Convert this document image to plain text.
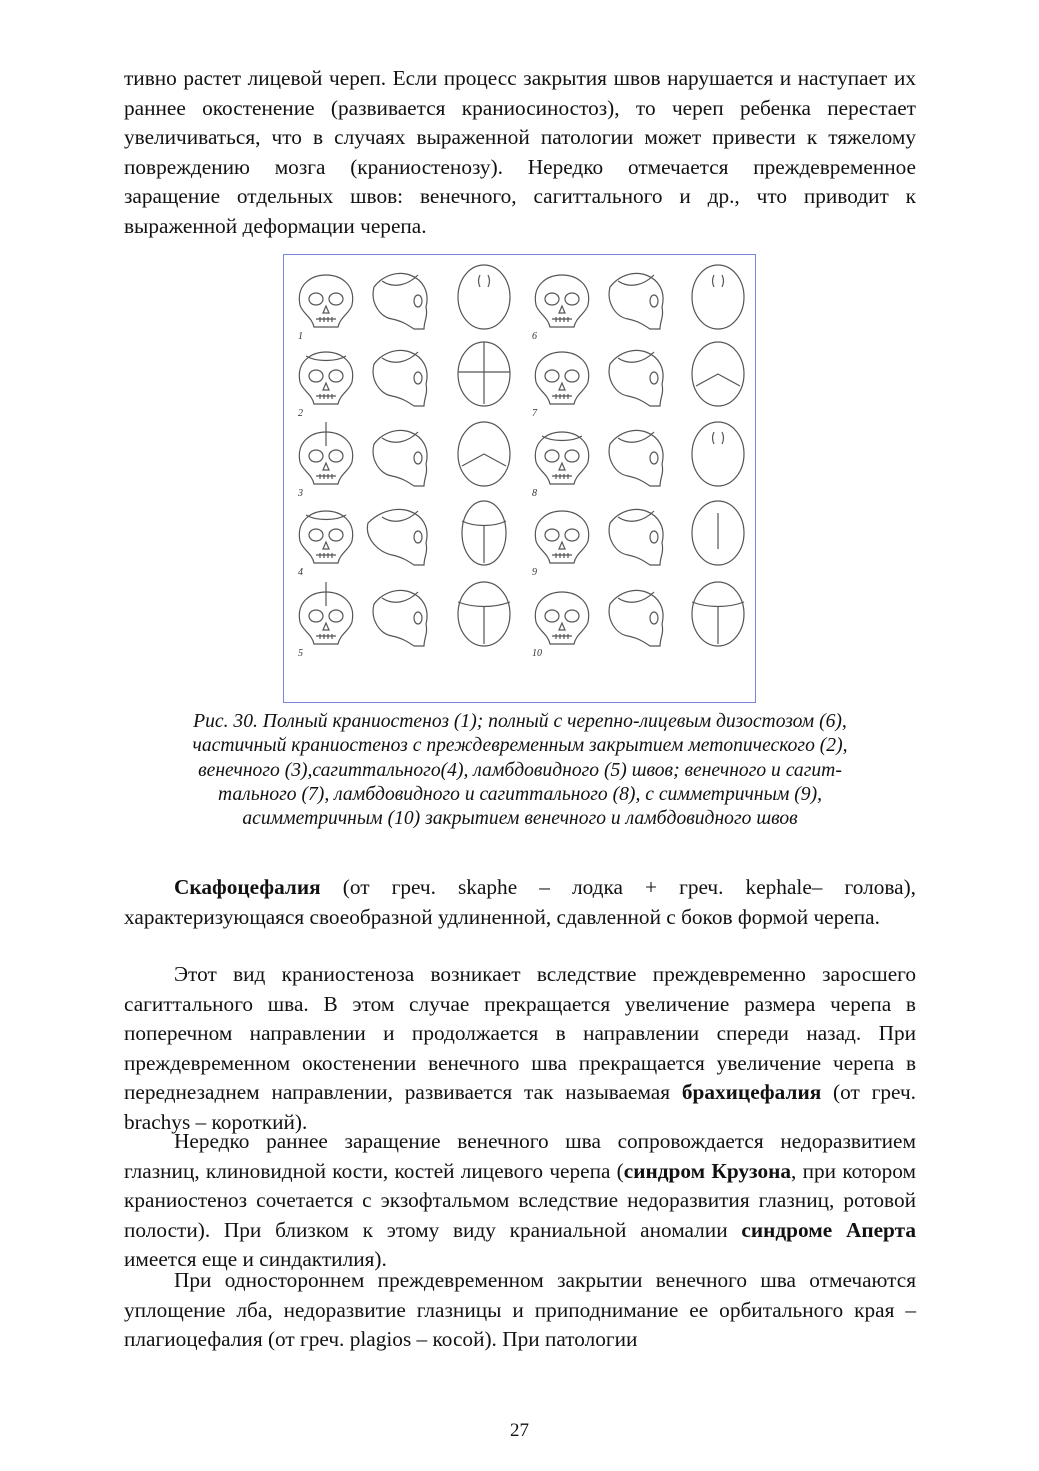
тивно растет лицевой череп. Если процесс закрытия швов нарушается и наступает их раннее окостенение (развивается краниосиностоз), то череп ребенка перестает увеличиваться, что в случаях выраженной патологии может привести к тяжелому повреждению мозга (краниостенозу). Нередко отмечается преждевременное заращение отдельных швов: венечного, сагиттального и др., что приводит к выраженной деформации черепа.

1	6
2	7
3	8
4	9
5	10
Рис. 30. Полный краниостеноз (1); полный с черепно-лицевым дизостозом (6),
частичный краниостеноз с преждевременным закрытием метопического (2),
венечного (3),сагиттального(4), ламбдовидного (5) швов; венечного и сагит-
тального (7), ламбдовидного и сагиттального (8), с симметричным (9),
асимметричным (10) закрытием венечного и ламбдовидного швов

Скафоцефалия (от греч. skaphe – лодка + греч. kephale– голова), характеризующаяся своеобразной удлиненной, сдавленной с боков формой черепа.

Этот вид краниостеноза возникает вследствие преждевременно заросшего сагиттального шва. В этом случае прекращается увеличение размера черепа в поперечном направлении и продолжается в направлении спереди назад. При преждевременном окостенении венечного шва прекращается увеличение черепа в переднезаднем направлении, развивается так называемая брахицефалия (от греч. brachys – короткий).

Нередко раннее заращение венечного шва сопровождается недоразвитием глазниц, клиновидной кости, костей лицевого черепа (синдром Крузона, при котором краниостеноз сочетается с экзофтальмом вследствие недоразвития глазниц, ротовой полости). При близком к этому виду краниальной аномалии синдроме Аперта имеется еще и синдактилия).

При одностороннем преждевременном закрытии венечного шва отмечаются уплощение лба, недоразвитие глазницы и приподнимание ее орбитального края – плагиоцефалия (от греч. plagios – косой). При патологии

27
